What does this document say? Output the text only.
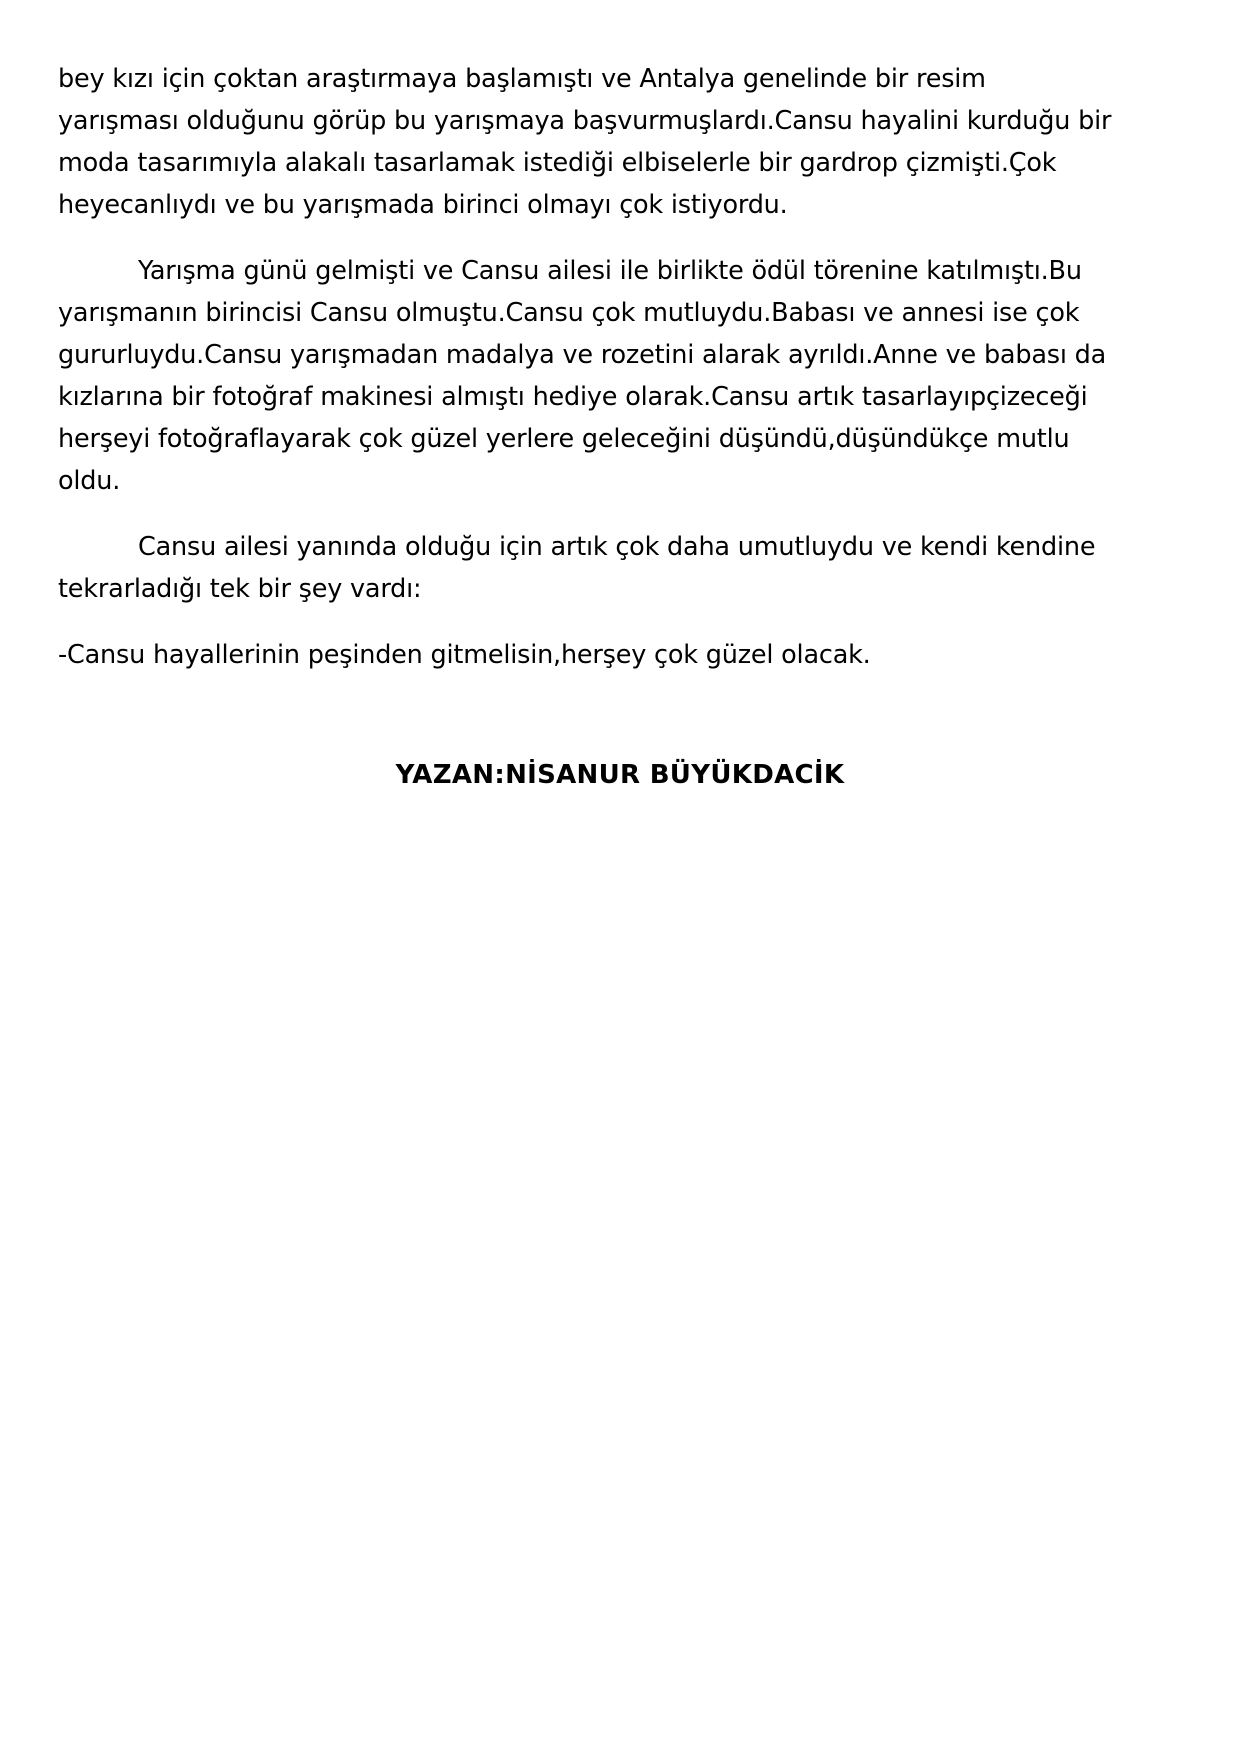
bey kızı için çoktan araştırmaya başlamıştı ve Antalya genelinde bir resim
yarışması olduğunu görüp bu yarışmaya başvurmuşlardı.Cansu hayalini kurduğu bir
moda tasarımıyla alakalı tasarlamak istediği elbiselerle bir gardrop çizmişti.Çok
heyecanlıydı ve bu yarışmada birinci olmayı çok istiyordu.
Yarışma günü gelmişti ve Cansu ailesi ile birlikte ödül törenine katılmıştı.Bu
yarışmanın birincisi Cansu olmuştu.Cansu çok mutluydu.Babası ve annesi ise çok
gururluydu.Cansu yarışmadan madalya ve rozetini alarak ayrıldı.Anne ve babası da
kızlarına bir fotoğraf makinesi almıştı hediye olarak.Cansu artık tasarlayıpçizeceği
herşeyi fotoğraflayarak çok güzel yerlere geleceğini düşündü,düşündükçe mutlu
oldu.
Cansu ailesi yanında olduğu için artık çok daha umutluydu ve kendi kendine
tekrarladığı tek bir şey vardı:
-Cansu hayallerinin peşinden gitmelisin,herşey çok güzel olacak.
YAZAN:NİSANUR BÜYÜKDACİK
